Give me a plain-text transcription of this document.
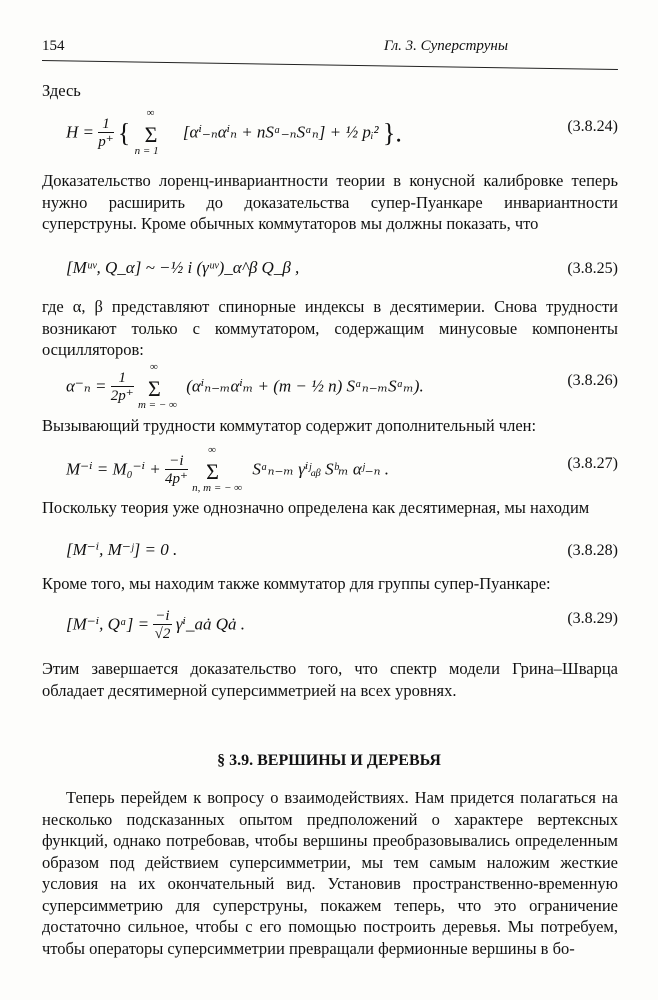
154	Гл. 3. Суперструны
Здесь
$H = \frac{1}{p^+}$ {
∞
Σ
n = 1
[αⁱ₋ₙαⁱₙ + nSᵃ₋ₙSᵃₙ] + ½ pᵢ² }.	(3.8.24)
Доказательство лоренц-инвариантности теории в конусной калибровке теперь нужно расширить до доказательства супер-Пуанкаре инвариантности суперструны. Кроме обычных коммутаторов мы должны показать, что
[Mᵘᵛ, Q_α] ~ −½ i (γᵘᵛ)_α^β Q_β ,	(3.8.25)
где α, β представляют спинорные индексы в десятимерии. Снова трудности возникают только с коммутатором, содержащим минусовые компоненты осцилляторов:
$\alpha^-_n = \frac{1}{2p^+}$

∞
Σ
m = − ∞
(αⁱₙ₋ₘαⁱₘ + (m − ½ n) Sᵃₙ₋ₘSᵃₘ).	(3.8.26)
Вызывающий трудности коммутатор содержит дополнительный член:
$M^{-i} = M_0^{-i} + \frac{-i}{4p^+}$

∞
Σ
n, m = − ∞
Sᵃₙ₋ₘ γⁱʲₐᵦ Sᵇₘ αʲ₋ₙ .	(3.8.27)
Поскольку теория уже однозначно определена как десятимерная, мы находим
[M⁻ⁱ, M⁻ʲ] = 0 .	(3.8.28)
Кроме того, мы находим также коммутатор для группы супер-Пуанкаре:
[M⁻ⁱ, Qᵃ] = $\frac{-i}{√2}$ γⁱ_aȧ Qȧ .	(3.8.29)
Этим завершается доказательство того, что спектр модели Грина–Шварца обладает десятимерной суперсимметрией на всех уровнях.
§ 3.9. ВЕРШИНЫ И ДЕРЕВЬЯ
Теперь перейдем к вопросу о взаимодействиях. Нам придется полагаться на несколько подсказанных опытом предположений о характере вертексных функций, однако потребовав, чтобы вершины преобразовывались определенным образом под действием суперсимметрии, мы тем самым наложим жесткие условия на их окончательный вид. Установив пространственно-временную суперсимметрию для суперструны, покажем теперь, что это ограничение достаточно сильное, чтобы с его помощью построить деревья. Мы потребуем, чтобы операторы суперсимметрии превращали фермионные вершины в бо-
